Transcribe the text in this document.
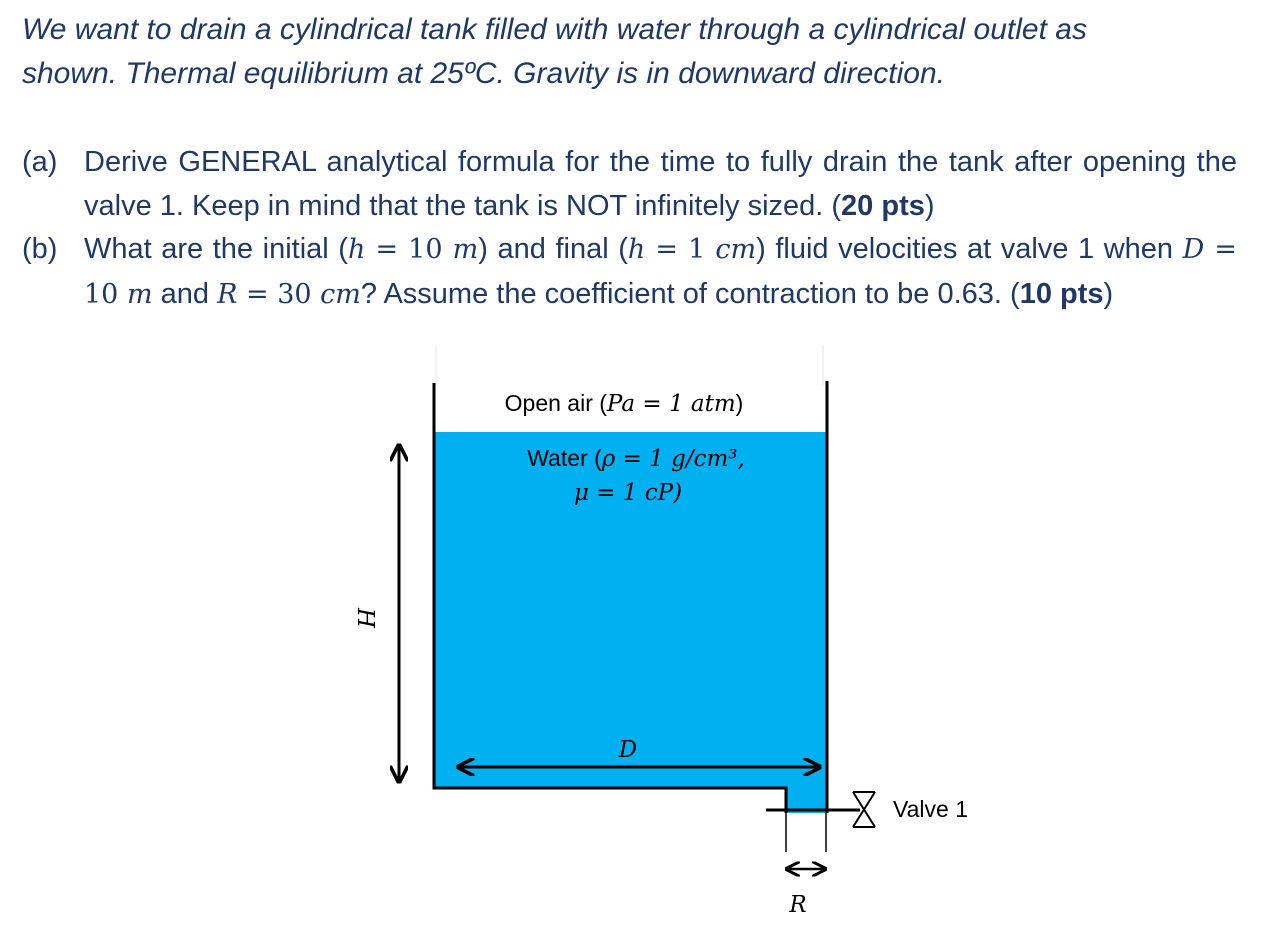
We want to drain a cylindrical tank filled with water through a cylindrical outlet as
shown. Thermal equilibrium at 25ºC. Gravity is in downward direction.
(a) Derive GENERAL analytical formula for the time to fully drain the tank after opening the valve 1. Keep in mind that the tank is NOT infinitely sized. (20 pts)
(b) What are the initial (h = 10 m) and final (h = 1 cm) fluid velocities at valve 1 when D = 10 m and R = 30 cm? Assume the coefficient of contraction to be 0.63. (10 pts)
Valve 1
H
D
R
Open air (Pa = 1 atm)
Water (ρ = 1 g/cm³,
μ = 1 cP)
